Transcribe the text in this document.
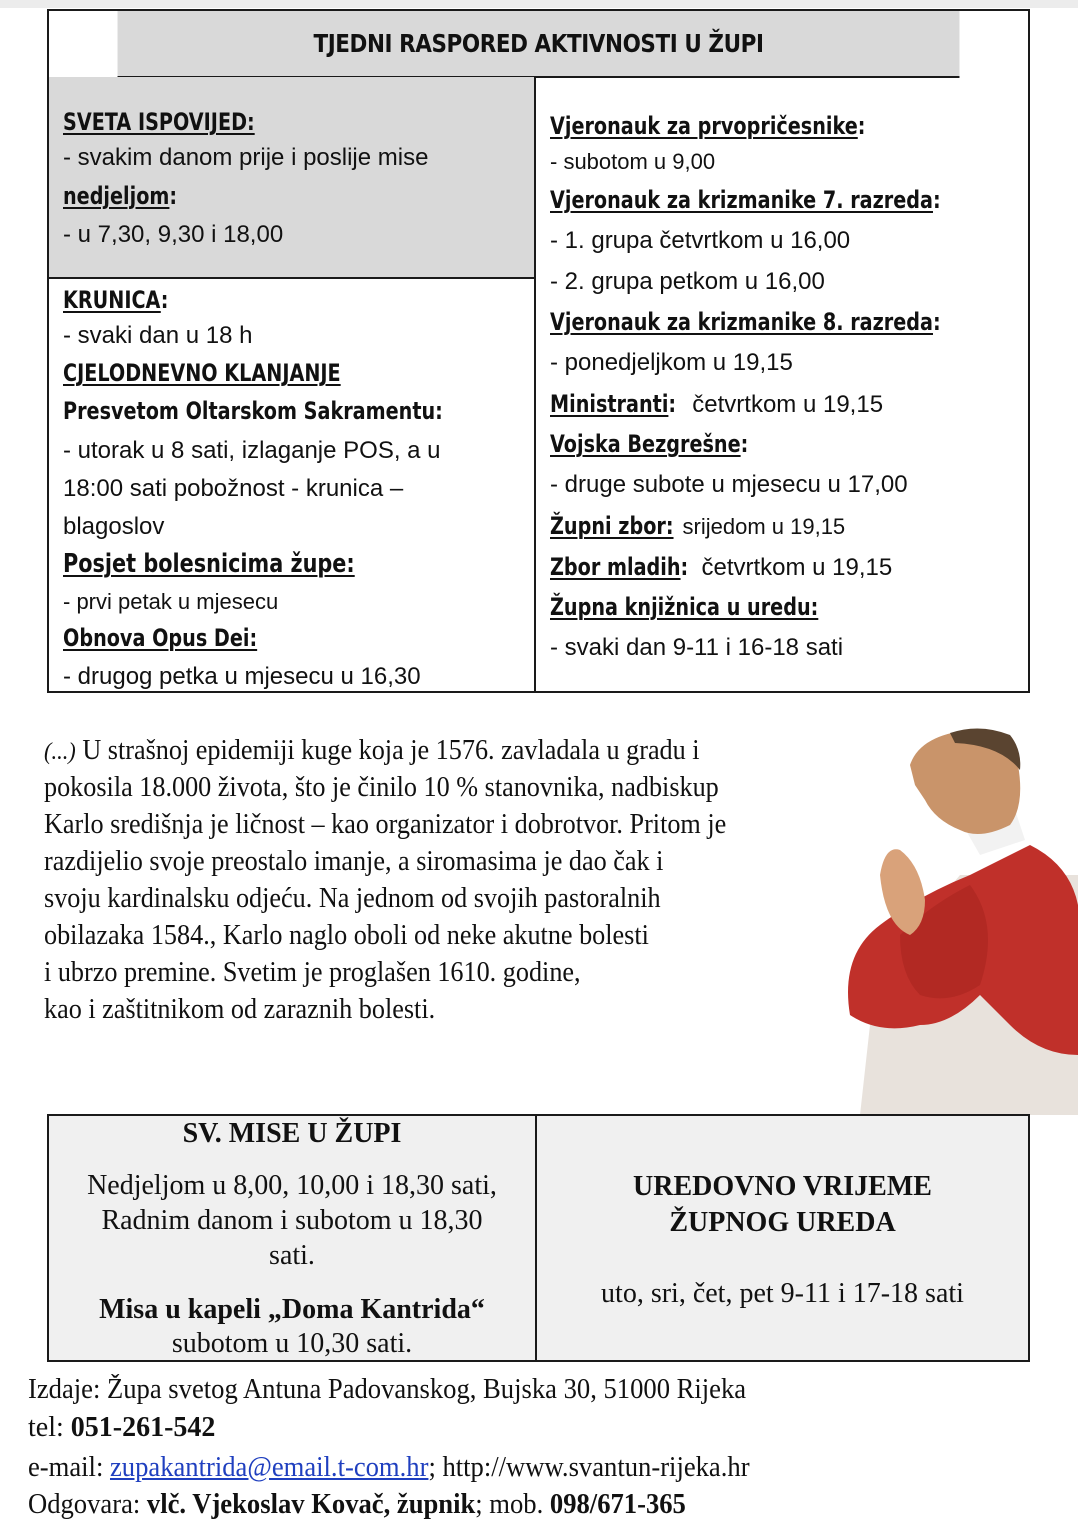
TJEDNI RASPORED AKTIVNOSTI U ŽUPI
SVETA ISPOVIJED:
- svakim danom prije i poslije mise
nedjeljom:
- u 7,30, 9,30 i 18,00
KRUNICA:
- svaki dan u 18 h
CJELODNEVNO KLANJANJE
Presvetom Oltarskom Sakramentu:
- utorak u 8 sati, izlaganje POS, a u
18:00 sati pobožnost - krunica –
blagoslov
Posjet bolesnicima župe:
- prvi petak u mjesecu
Obnova Opus Dei:
- drugog petka u mjesecu u 16,30
Vjeronauk za prvopričesnike:
- subotom u 9,00
Vjeronauk za krizmanike 7. razreda:
- 1. grupa četvrtkom u 16,00
- 2. grupa petkom u 16,00
Vjeronauk za krizmanike 8. razreda:
- ponedjeljkom u 19,15
Ministranti: četvrtkom u 19,15
Vojska Bezgrešne:
- druge subote u mjesecu u 17,00
Župni zbor: srijedom u 19,15
Zbor mladih: četvrtkom u 19,15
Župna knjižnica u uredu:
- svaki dan 9-11 i 16-18 sati
(...) U strašnoj epidemiji kuge koja je 1576. zavladala u gradu i
pokosila 18.000 života, što je činilo 10 % stanovnika, nadbiskup
Karlo središnja je ličnost – kao organizator i dobrotvor. Pritom je
razdijelio svoje preostalo imanje, a siromasima je dao čak i
svoju kardinalsku odjeću. Na jednom od svojih pastoralnih
obilazaka 1584., Karlo naglo oboli od neke akutne bolesti
i ubrzo premine. Svetim je proglašen 1610. godine,
kao i zaštitnikom od zaraznih bolesti.
SV. MISE U ŽUPI
Nedjeljom u 8,00, 10,00 i 18,30 sati,
Radnim danom i subotom u 18,30
sati.
Misa u kapeli „Doma Kantrida“
subotom u 10,30 sati.
UREDOVNO VRIJEME
ŽUPNOG UREDA
uto, sri, čet, pet 9-11 i 17-18 sati
Izdaje: Župa svetog Antuna Padovanskog, Bujska 30, 51000 Rijeka
tel: 051-261-542
e-mail: zupakantrida@email.t-com.hr; http://www.svantun-rijeka.hr
Odgovara: vlč. Vjekoslav Kovač, župnik; mob. 098/671-365
